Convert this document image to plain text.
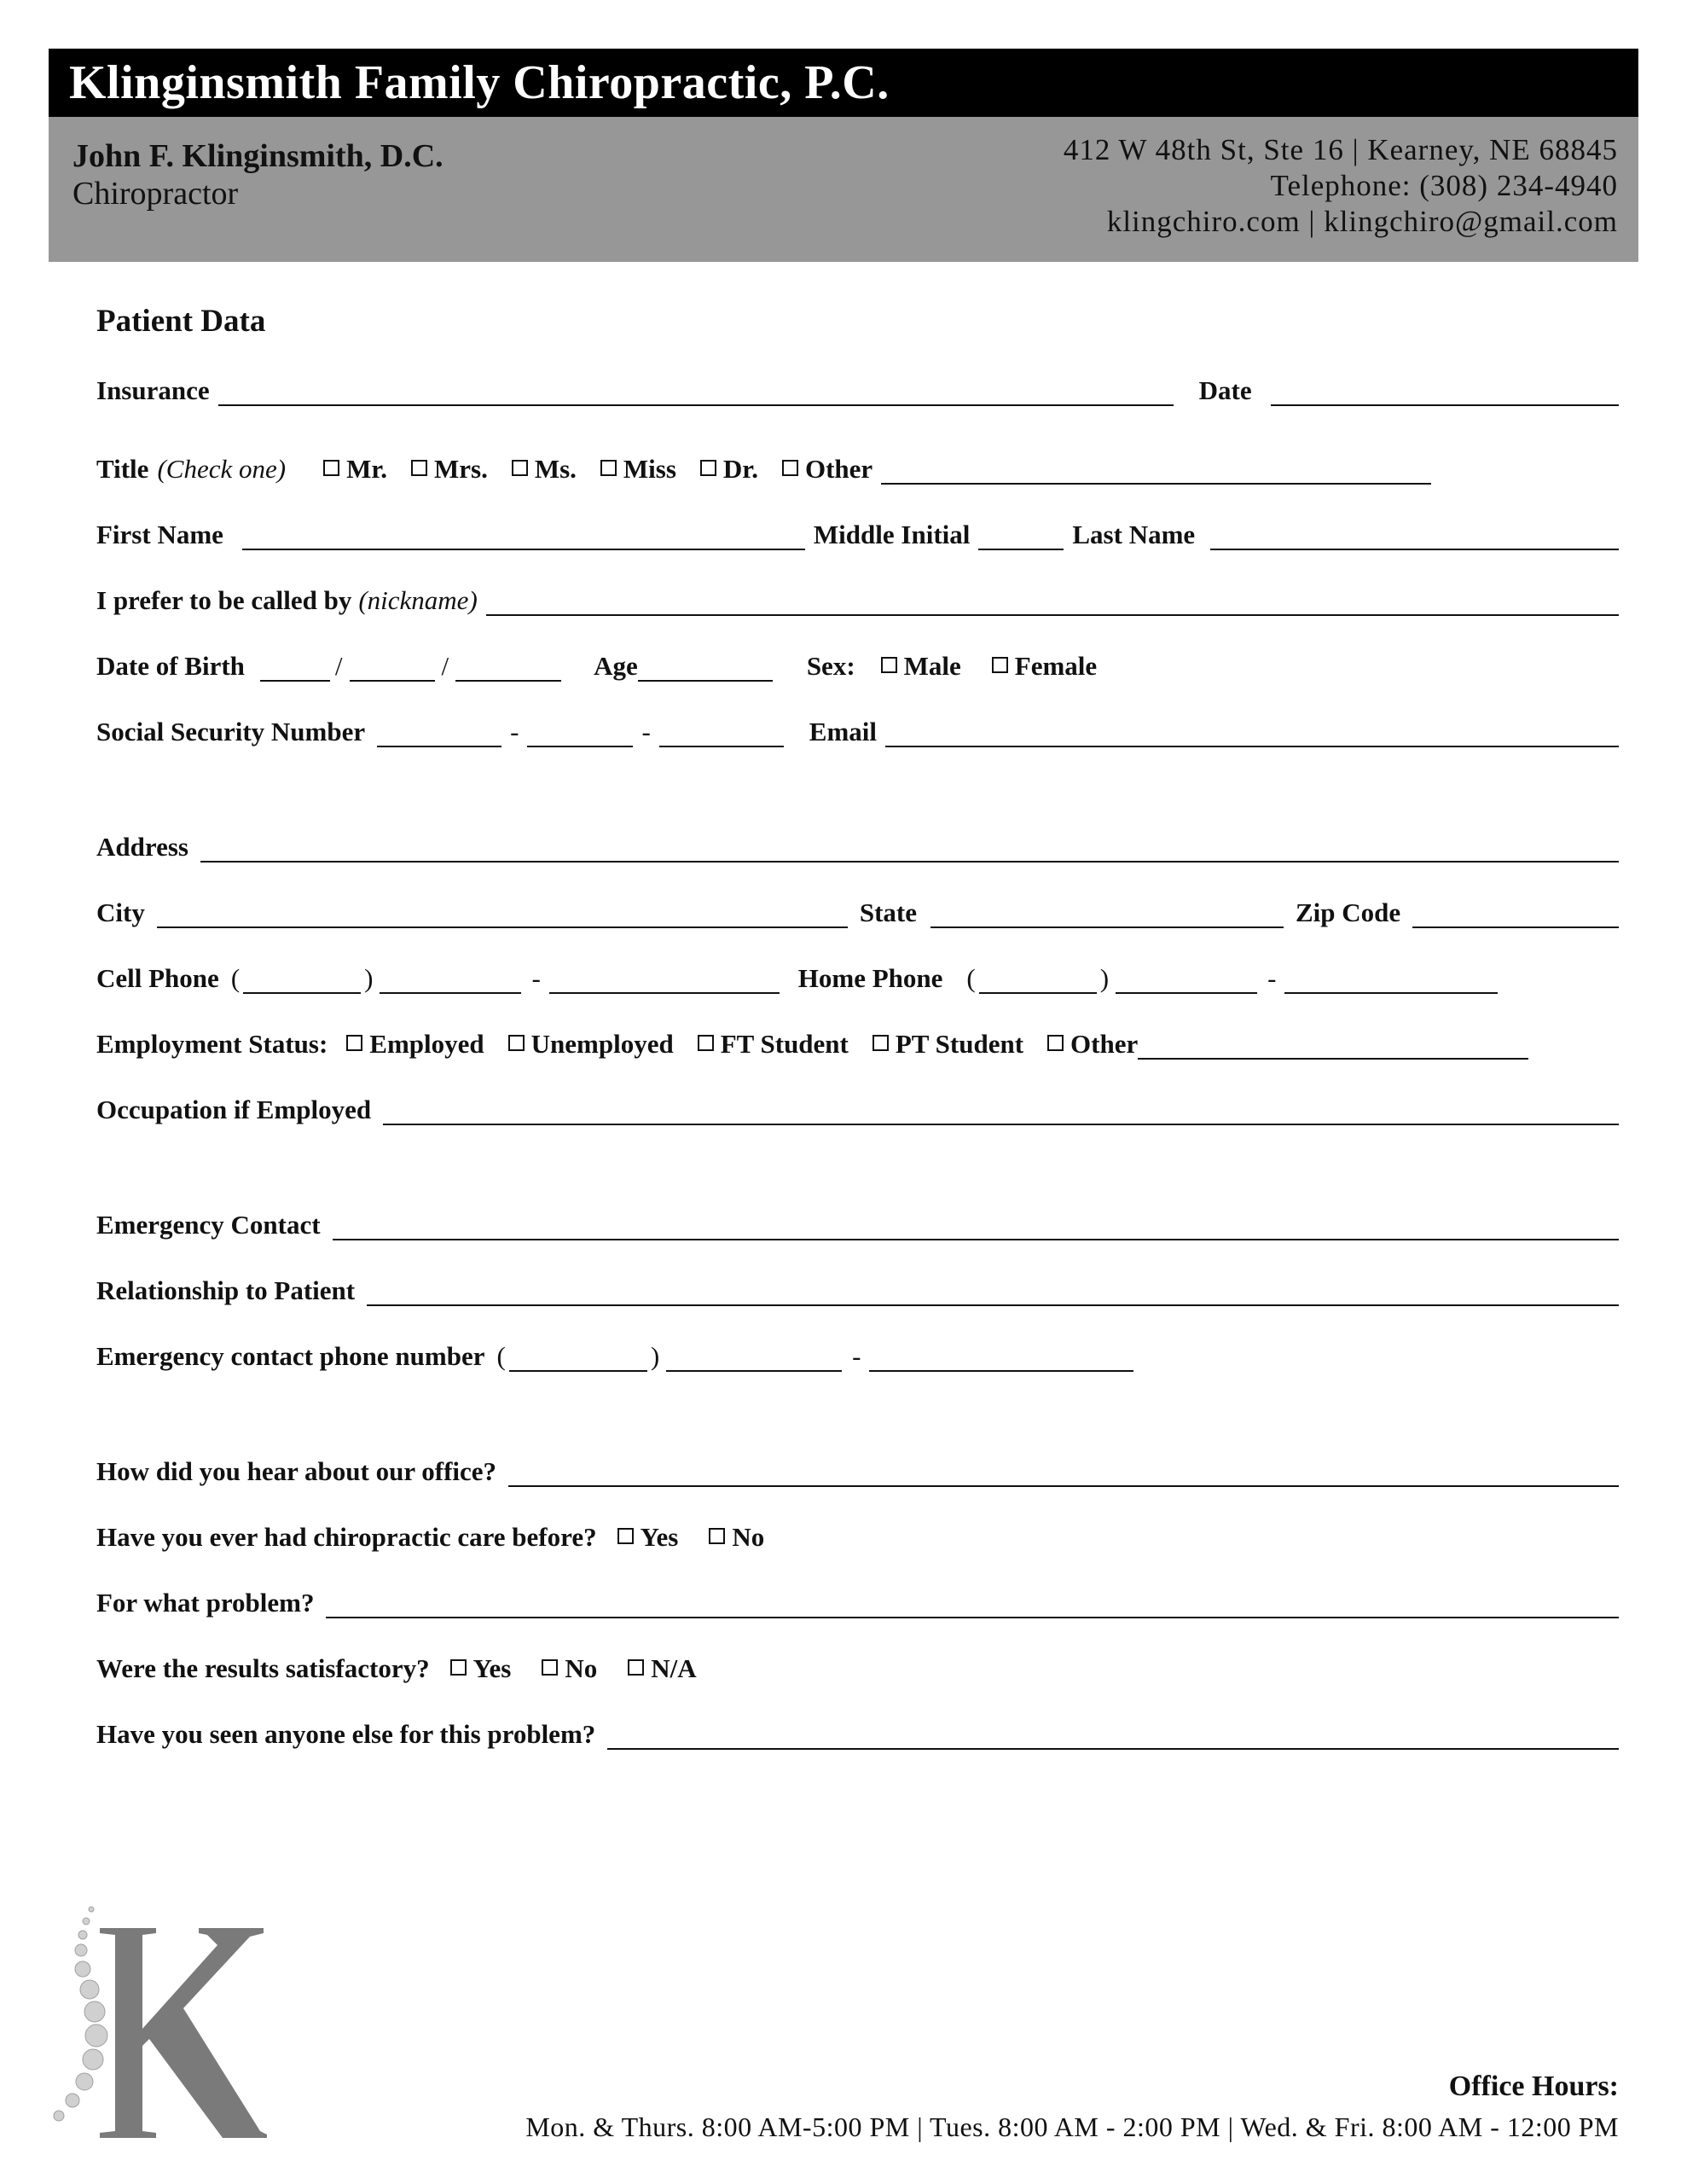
Klinginsmith Family Chiropractic, P.C.
John F. Klinginsmith, D.C.
Chiropractor
412 W 48th St, Ste 16 | Kearney, NE 68845
Telephone: (308) 234-4940
klingchiro.com | klingchiro@gmail.com
Patient Data
Insurance	Date
Title (Check one) Mr. Mrs. Ms. Miss Dr. Other
First Name	Middle Initial	Last Name
I prefer to be called by (nickname)
Date of Birth	/	/	Age	Sex: Male Female
Social Security Number	-	-	Email
Address
City	State	Zip Code
Cell Phone (	)	-	Home Phone (	)	-
Employment Status: Employed Unemployed FT Student PT Student Other
Occupation if Employed
Emergency Contact
Relationship to Patient
Emergency contact phone number (	)	-
How did you hear about our office?
Have you ever had chiropractic care before? Yes No
For what problem?
Were the results satisfactory? Yes No N/A
Have you seen anyone else for this problem?
Office Hours:
Mon. & Thurs. 8:00 AM-5:00 PM | Tues. 8:00 AM - 2:00 PM | Wed. & Fri. 8:00 AM - 12:00 PM
